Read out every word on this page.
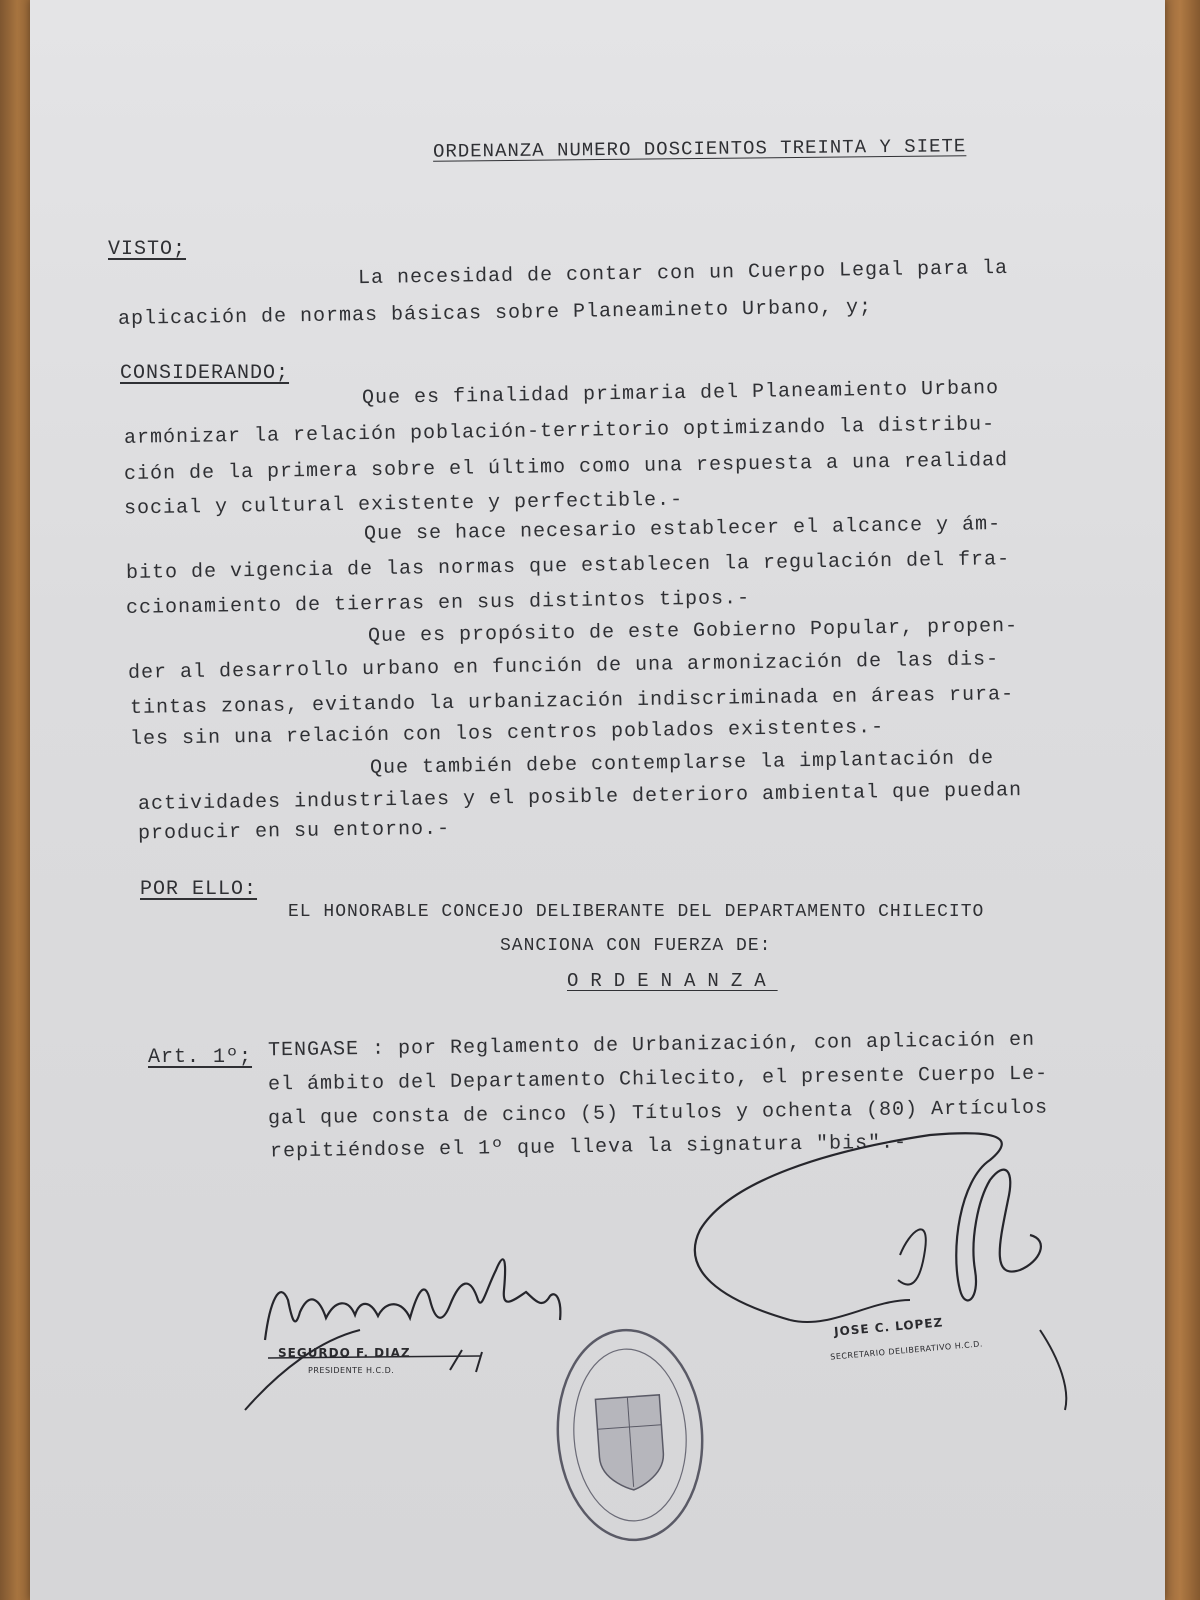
ORDENANZA NUMERO DOSCIENTOS TREINTA Y SIETE
VISTO;
La necesidad de contar con un Cuerpo Legal para la
aplicación de normas básicas sobre Planeamineto Urbano, y;
CONSIDERANDO;
Que es finalidad primaria del Planeamiento Urbano
armónizar la relación población-territorio optimizando la distribu-
ción de la primera sobre el último como una respuesta a una realidad
social y cultural existente y perfectible.-
Que se hace necesario establecer el alcance y ám-
bito de vigencia de las normas que establecen la regulación del fra-
ccionamiento de tierras en sus distintos tipos.-
Que es propósito de este Gobierno Popular, propen-
der al desarrollo urbano en función de una armonización de las dis-
tintas zonas, evitando la urbanización indiscriminada en áreas rura-
les sin una relación con los centros poblados existentes.-
Que también debe contemplarse la implantación de
actividades industrilaes y el posible deterioro ambiental que puedan
producir en su entorno.-
POR ELLO:
EL HONORABLE CONCEJO DELIBERANTE DEL DEPARTAMENTO CHILECITO
SANCIONA CON FUERZA DE:
ORDENANZA
Art. 1º; TENGASE : por Reglamento de Urbanización, con aplicación en
el ámbito del Departamento Chilecito, el presente Cuerpo Le-
gal que consta de cinco (5) Títulos y ochenta (80) Artículos
repitiéndose el 1º que lleva la signatura "bis".-
SEGURDO F. DIAZ
PRESIDENTE H.C.D.
JOSE C. LOPEZ
SECRETARIO DELIBERATIVO H.C.D.
